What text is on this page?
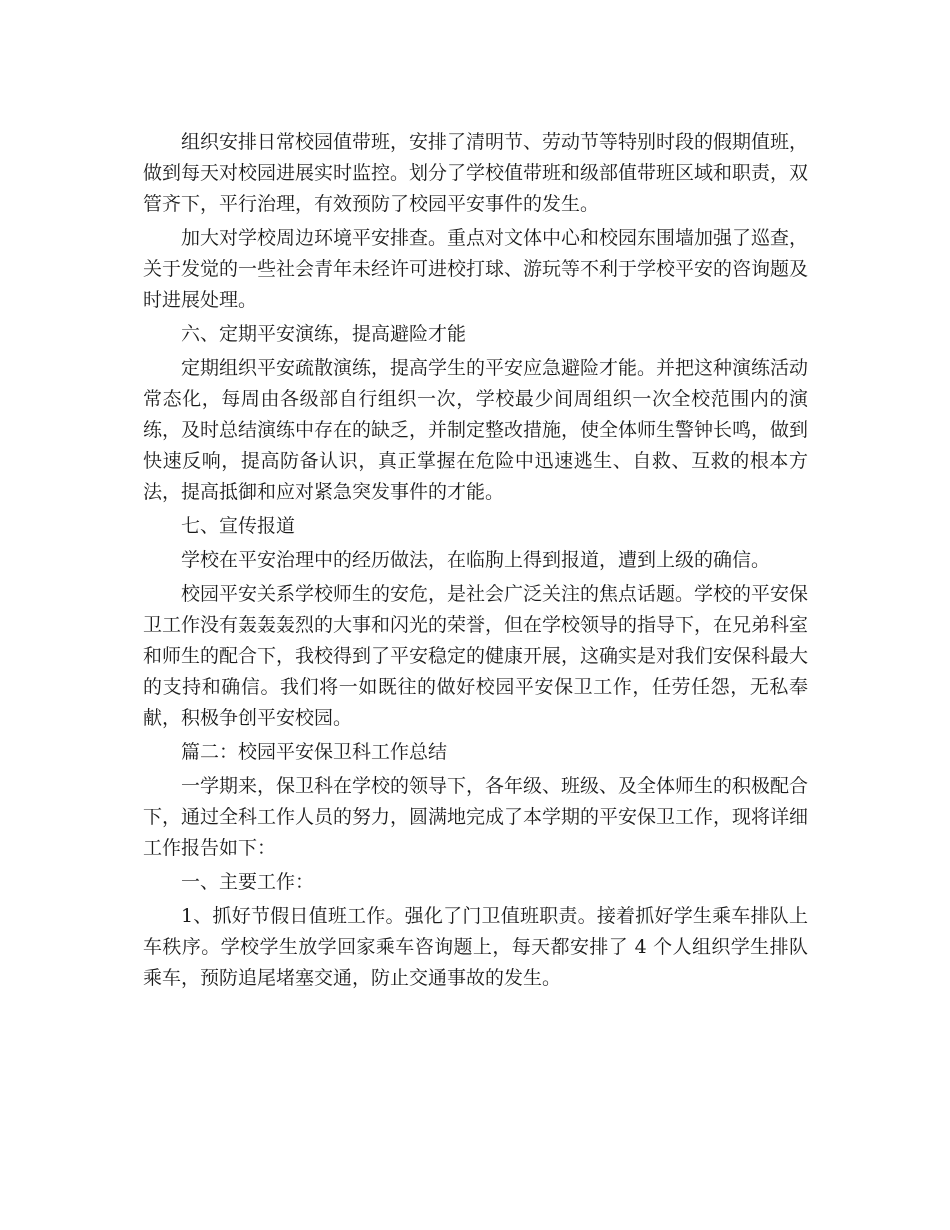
组织安排日常校园值带班，安排了清明节、劳动节等特别时段的假期值班，做到每天对校园进展实时监控。划分了学校值带班和级部值带班区域和职责，双管齐下，平行治理，有效预防了校园平安事件的发生。

加大对学校周边环境平安排查。重点对文体中心和校园东围墙加强了巡查，关于发觉的一些社会青年未经许可进校打球、游玩等不利于学校平安的咨询题及时进展处理。

六、定期平安演练，提高避险才能

定期组织平安疏散演练，提高学生的平安应急避险才能。并把这种演练活动常态化，每周由各级部自行组织一次，学校最少间周组织一次全校范围内的演练，及时总结演练中存在的缺乏，并制定整改措施，使全体师生警钟长鸣，做到快速反响，提高防备认识，真正掌握在危险中迅速逃生、自救、互救的根本方法，提高抵御和应对紧急突发事件的才能。

七、宣传报道

学校在平安治理中的经历做法，在临朐上得到报道，遭到上级的确信。

校园平安关系学校师生的安危，是社会广泛关注的焦点话题。学校的平安保卫工作没有轰轰轰烈的大事和闪光的荣誉，但在学校领导的指导下，在兄弟科室和师生的配合下，我校得到了平安稳定的健康开展，这确实是对我们安保科最大的支持和确信。我们将一如既往的做好校园平安保卫工作，任劳任怨，无私奉献，积极争创平安校园。

篇二：校园平安保卫科工作总结

一学期来，保卫科在学校的领导下，各年级、班级、及全体师生的积极配合下，通过全科工作人员的努力，圆满地完成了本学期的平安保卫工作，现将详细工作报告如下：

一、主要工作：

1、抓好节假日值班工作。强化了门卫值班职责。接着抓好学生乘车排队上车秩序。学校学生放学回家乘车咨询题上，每天都安排了 4 个人组织学生排队乘车，预防追尾堵塞交通，防止交通事故的发生。
